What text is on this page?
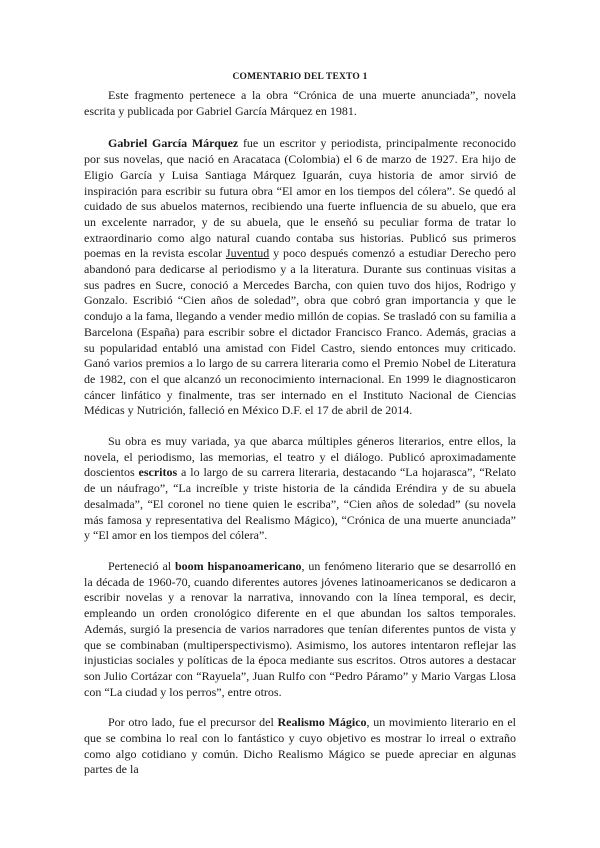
COMENTARIO DEL TEXTO 1

Este fragmento pertenece a la obra “Crónica de una muerte anunciada”, novela escrita y publicada por Gabriel García Márquez en 1981.

Gabriel García Márquez fue un escritor y periodista, principalmente reconocido por sus novelas, que nació en Aracataca (Colombia) el 6 de marzo de 1927. Era hijo de Eligio García y Luisa Santiaga Márquez Iguarán, cuya historia de amor sirvió de inspiración para escribir su futura obra “El amor en los tiempos del cólera”. Se quedó al cuidado de sus abuelos maternos, recibiendo una fuerte influencia de su abuelo, que era un excelente narrador, y de su abuela, que le enseñó su peculiar forma de tratar lo extraordinario como algo natural cuando contaba sus historias. Publicó sus primeros poemas en la revista escolar Juventud y poco después comenzó a estudiar Derecho pero abandonó para dedicarse al periodismo y a la literatura. Durante sus continuas visitas a sus padres en Sucre, conoció a Mercedes Barcha, con quien tuvo dos hijos, Rodrigo y Gonzalo. Escribió “Cien años de soledad”, obra que cobró gran importancia y que le condujo a la fama, llegando a vender medio millón de copias. Se trasladó con su familia a Barcelona (España) para escribir sobre el dictador Francisco Franco. Además, gracias a su popularidad entabló una amistad con Fidel Castro, siendo entonces muy criticado. Ganó varios premios a lo largo de su carrera literaria como el Premio Nobel de Literatura de 1982, con el que alcanzó un reconocimiento internacional. En 1999 le diagnosticaron cáncer linfático y finalmente, tras ser internado en el Instituto Nacional de Ciencias Médicas y Nutrición, falleció en México D.F. el 17 de abril de 2014.

Su obra es muy variada, ya que abarca múltiples géneros literarios, entre ellos, la novela, el periodismo, las memorias, el teatro y el diálogo. Publicó aproximadamente doscientos escritos a lo largo de su carrera literaria, destacando “La hojarasca”, “Relato de un náufrago”, “La increíble y triste historia de la cándida Eréndira y de su abuela desalmada”, “El coronel no tiene quien le escriba”, “Cien años de soledad” (su novela más famosa y representativa del Realismo Mágico), “Crónica de una muerte anunciada” y “El amor en los tiempos del cólera”.

Perteneció al boom hispanoamericano, un fenómeno literario que se desarrolló en la década de 1960-70, cuando diferentes autores jóvenes latinoamericanos se dedicaron a escribir novelas y a renovar la narrativa, innovando con la línea temporal, es decir, empleando un orden cronológico diferente en el que abundan los saltos temporales. Además, surgió la presencia de varios narradores que tenían diferentes puntos de vista y que se combinaban (multiperspectivismo). Asimismo, los autores intentaron reflejar las injusticias sociales y políticas de la época mediante sus escritos. Otros autores a destacar son Julio Cortázar con “Rayuela”, Juan Rulfo con “Pedro Páramo” y Mario Vargas Llosa con “La ciudad y los perros”, entre otros.

Por otro lado, fue el precursor del Realismo Mágico, un movimiento literario en el que se combina lo real con lo fantástico y cuyo objetivo es mostrar lo irreal o extraño como algo cotidiano y común. Dicho Realismo Mágico se puede apreciar en algunas partes de la
